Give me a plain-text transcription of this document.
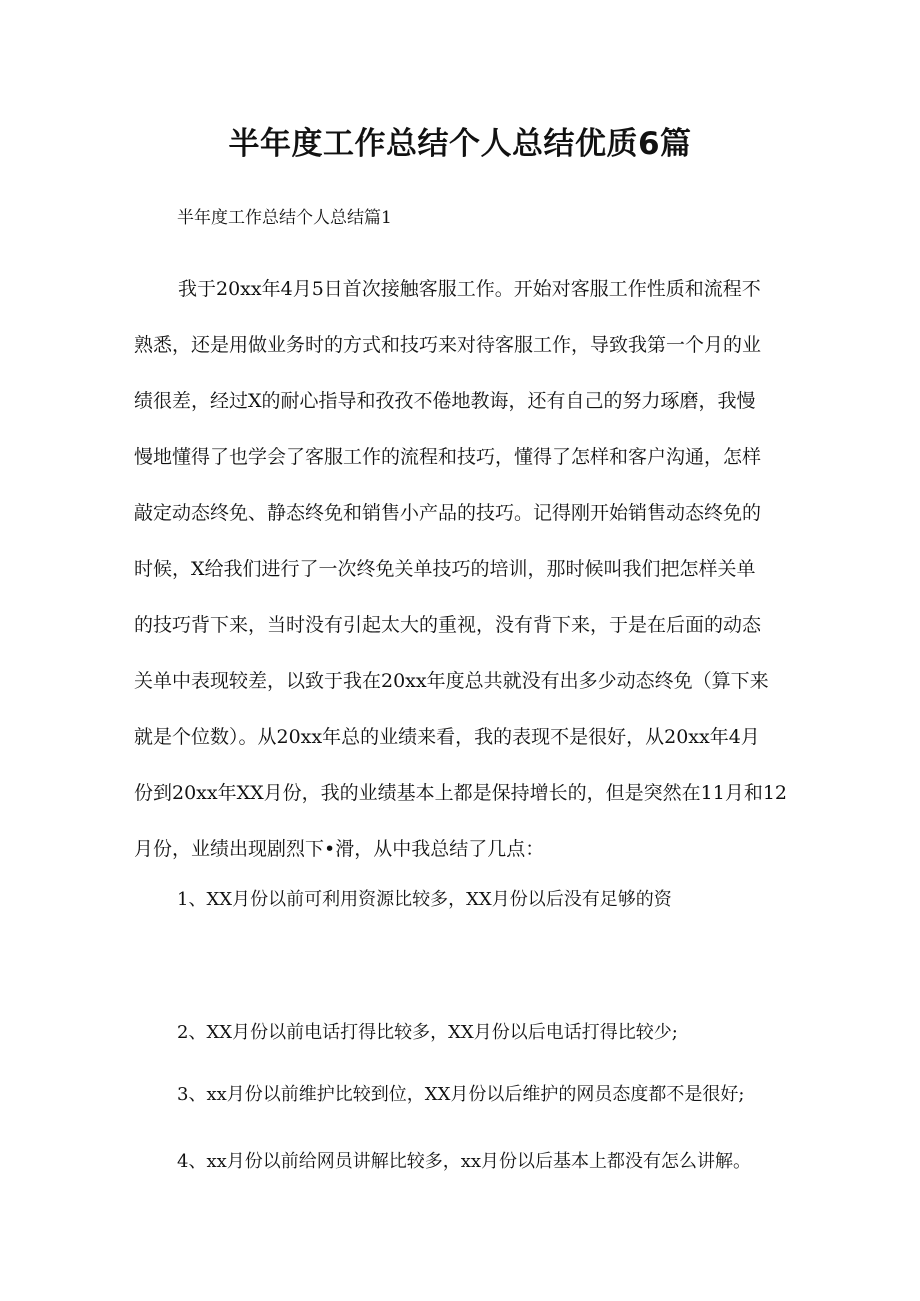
半年度工作总结个人总结优质6篇

半年度工作总结个人总结篇1

我于20xx年4月5日首次接触客服工作。开始对客服工作性质和流程不
熟悉，还是用做业务时的方式和技巧来对待客服工作，导致我第一个月的业
绩很差，经过X的耐心指导和孜孜不倦地教诲，还有自己的努力琢磨，我慢
慢地懂得了也学会了客服工作的流程和技巧，懂得了怎样和客户沟通，怎样
敲定动态终免、静态终免和销售小产品的技巧。记得刚开始销售动态终免的
时候，X给我们进行了一次终免关单技巧的培训，那时候叫我们把怎样关单
的技巧背下来，当时没有引起太大的重视，没有背下来，于是在后面的动态
关单中表现较差，以致于我在20xx年度总共就没有出多少动态终免（算下来
就是个位数）。从20xx年总的业绩来看，我的表现不是很好，从20xx年4月
份到20xx年XX月份，我的业绩基本上都是保持增长的，但是突然在11月和12
月份，业绩出现剧烈下•滑，从中我总结了几点：

1、XX月份以前可利用资源比较多，XX月份以后没有足够的资

2、XX月份以前电话打得比较多，XX月份以后电话打得比较少;

3、xx月份以前维护比较到位，XX月份以后维护的网员态度都不是很好;

4、xx月份以前给网员讲解比较多，xx月份以后基本上都没有怎么讲解。
